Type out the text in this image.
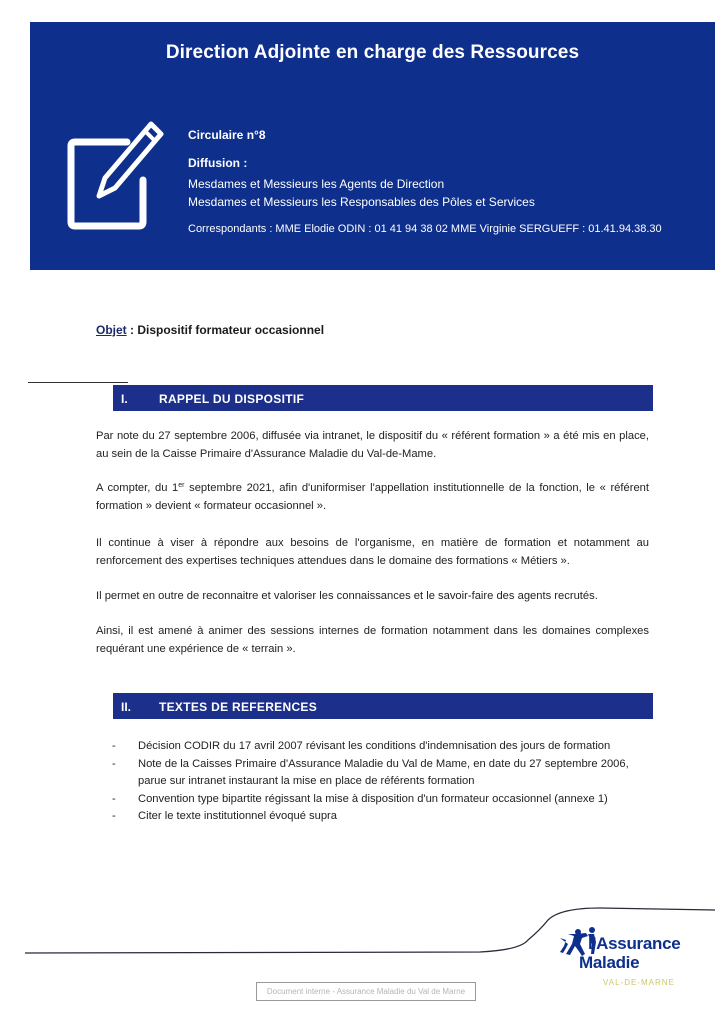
Direction Adjointe en charge des Ressources
Circulaire n°8
Diffusion :
Mesdames et Messieurs les Agents de Direction
Mesdames et Messieurs les Responsables des Pôles et Services
Correspondants : MME Elodie ODIN : 01 41 94 38 02 MME Virginie SERGUEFF : 01.41.94.38.30
Objet : Dispositif formateur occasionnel
I.	RAPPEL DU DISPOSITIF
Par note du 27 septembre 2006, diffusée via intranet, le dispositif du « référent formation » a été mis en place, au sein de la Caisse Primaire d'Assurance Maladie du Val-de-Mame.
A compter, du 1er septembre 2021, afin d'uniformiser l'appellation institutionnelle de la fonction, le « référent formation » devient « formateur occasionnel ».
Il continue à viser à répondre aux besoins de l'organisme, en matière de formation et notamment au renforcement des expertises techniques attendues dans le domaine des formations « Métiers ».
Il permet en outre de reconnaitre et valoriser les connaissances et le savoir-faire des agents recrutés.
Ainsi, il est amené à animer des sessions internes de formation notamment dans les domaines complexes requérant une expérience de « terrain ».
II. TEXTES DE REFERENCES
- Décision CODIR du 17 avril 2007 révisant les conditions d'indemnisation des jours de formation
- Note de la Caisses Primaire d'Assurance Maladie du Val de Mame, en date du 27 septembre 2006, parue sur intranet instaurant la mise en place de référents formation
- Convention type bipartite régissant la mise à disposition d'un formateur occasionnel (annexe 1)
- Citer le texte institutionnel évoqué supra
l'Assurance
Maladie
VAL-DE-MARNE
Document interne - Assurance Maladie du Val de Marne
